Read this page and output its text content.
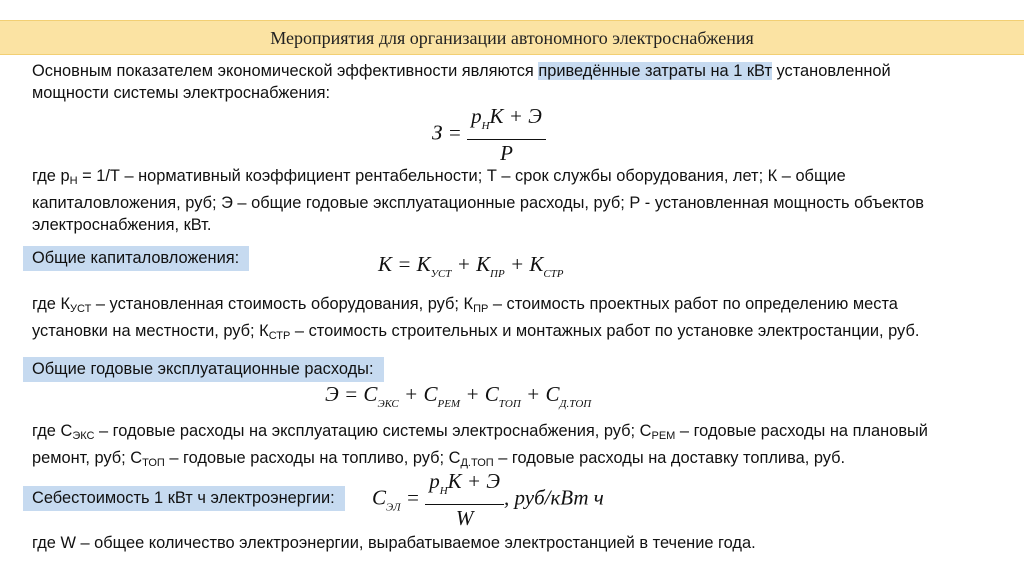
Мероприятия для организации автономного электроснабжения
Основным показателем экономической эффективности являются приведённые затраты на 1 кВт установленной
мощности системы электроснабжения:
$З = \frac{p_НК + Э}{P}$
где рН = 1/Т – нормативный коэффициент рентабельности; Т – срок службы оборудования, лет; К – общие
капиталовложения, руб; Э – общие годовые эксплуатационные расходы, руб; Р - установленная мощность объектов
электроснабжения, кВт.
Общие капиталовложения:	$К = К_{УСТ} + К_{ПР} + К_{СТР}$
где КУСТ – установленная стоимость оборудования, руб; КПР – стоимость проектных работ по определению места
установки на местности, руб; КСТР – стоимость строительных и монтажных работ по установке электростанции, руб.
Общие годовые эксплуатационные расходы:
$Э = С_{ЭКС} + С_{РЕМ} + С_{ТОП} + С_{Д.ТОП}$
где СЭКС – годовые расходы на эксплуатацию системы электроснабжения, руб; СРЕМ – годовые расходы на плановый
ремонт, руб; СТОП – годовые расходы на топливо, руб; СД.ТОП – годовые расходы на доставку топлива, руб.
Себестоимость 1 кВт ч электроэнергии:	$С_{ЭЛ} = \frac{p_НК + Э}{W}$ , руб/кВт ч
где W – общее количество электроэнергии, вырабатываемое электростанцией в течение года.
